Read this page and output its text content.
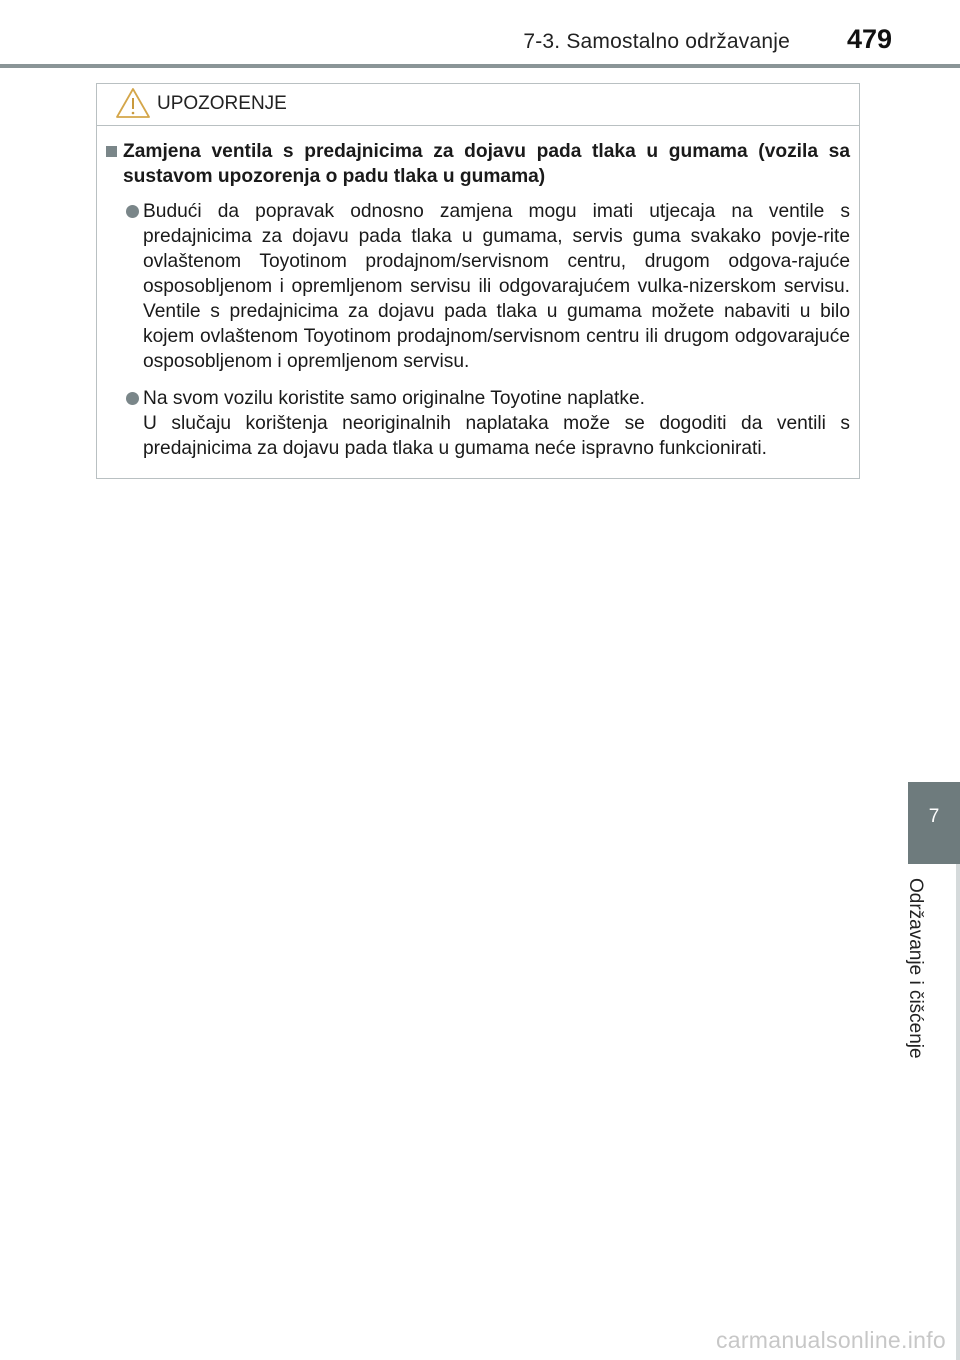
7-3. Samostalno održavanje 479
UPOZORENJE
Zamjena ventila s predajnicima za dojavu pada tlaka u gumama (vozila sa sustavom upozorenja o padu tlaka u gumama)

Budući da popravak odnosno zamjena mogu imati utjecaja na ventile s predajnicima za dojavu pada tlaka u gumama, servis guma svakako povje-rite ovlaštenom Toyotinom prodajnom/servisnom centru, drugom odgova-rajuće osposobljenom i opremljenom servisu ili odgovarajućem vulka-nizerskom servisu. Ventile s predajnicima za dojavu pada tlaka u gumama možete nabaviti u bilo kojem ovlaštenom Toyotinom prodajnom/servisnom centru ili drugom odgovarajuće osposobljenom i opremljenom servisu.

Na svom vozilu koristite samo originalne Toyotine naplatke.

U slučaju korištenja neoriginalnih naplataka može se dogoditi da ventili s predajnicima za dojavu pada tlaka u gumama neće ispravno funkcionirati.

7
Održavanje i čišćenje
carmanualsonline.info
